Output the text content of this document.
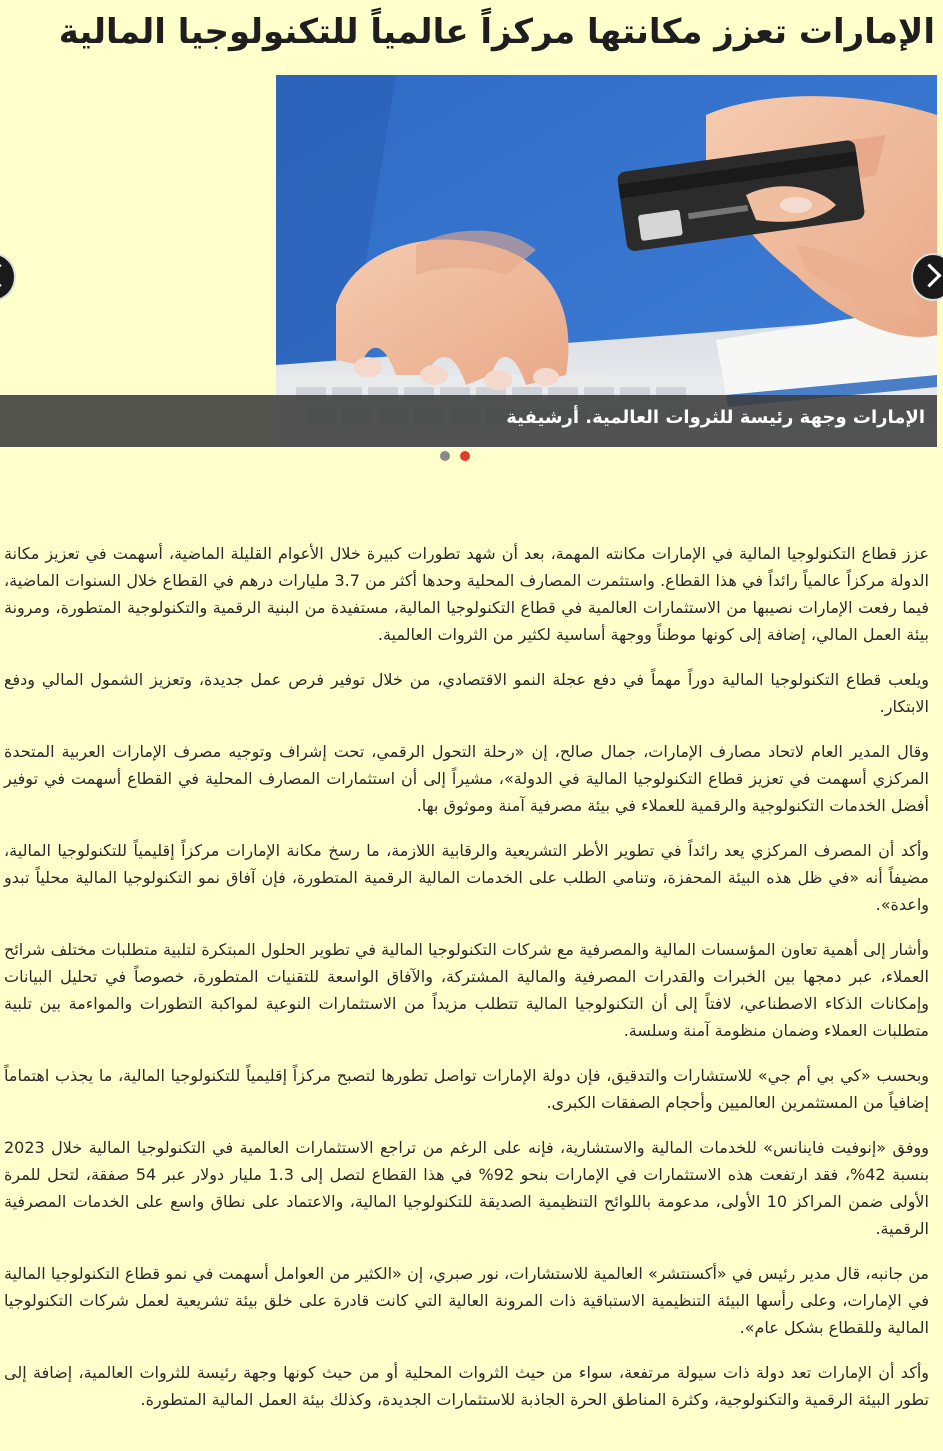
الإمارات تعزز مكانتها مركزاً عالمياً للتكنولوجيا المالية
الإمارات وجهة رئيسة للثروات العالمية. أرشيفية

عزز قطاع التكنولوجيا المالية في الإمارات مكانته المهمة، بعد أن شهد تطورات كبيرة خلال الأعوام القليلة الماضية، أسهمت في تعزيز مكانة الدولة مركزاً عالمياً رائداً في هذا القطاع. واستثمرت المصارف المحلية وحدها أكثر من 3.7 مليارات درهم في القطاع خلال السنوات الماضية، فيما رفعت الإمارات نصيبها من الاستثمارات العالمية في قطاع التكنولوجيا المالية، مستفيدة من البنية الرقمية والتكنولوجية المتطورة، ومرونة بيئة العمل المالي، إضافة إلى كونها موطناً ووجهة أساسية لكثير من الثروات العالمية.

ويلعب قطاع التكنولوجيا المالية دوراً مهماً في دفع عجلة النمو الاقتصادي، من خلال توفير فرص عمل جديدة، وتعزيز الشمول المالي ودفع الابتكار.

وقال المدير العام لاتحاد مصارف الإمارات، جمال صالح، إن «رحلة التحول الرقمي، تحت إشراف وتوجيه مصرف الإمارات العربية المتحدة المركزي أسهمت في تعزيز قطاع التكنولوجيا المالية في الدولة»، مشيراً إلى أن استثمارات المصارف المحلية في القطاع أسهمت في توفير أفضل الخدمات التكنولوجية والرقمية للعملاء في بيئة مصرفية آمنة وموثوق بها.

وأكد أن المصرف المركزي يعد رائداً في تطوير الأطر التشريعية والرقابية اللازمة، ما رسخ مكانة الإمارات مركزاً إقليمياً للتكنولوجيا المالية، مضيفاً أنه «في ظل هذه البيئة المحفزة، وتنامي الطلب على الخدمات المالية الرقمية المتطورة، فإن آفاق نمو التكنولوجيا المالية محلياً تبدو واعدة».

وأشار إلى أهمية تعاون المؤسسات المالية والمصرفية مع شركات التكنولوجيا المالية في تطوير الحلول المبتكرة لتلبية متطلبات مختلف شرائح العملاء، عبر دمجها بين الخبرات والقدرات المصرفية والمالية المشتركة، والآفاق الواسعة للتقنيات المتطورة، خصوصاً في تحليل البيانات وإمكانات الذكاء الاصطناعي، لافتاً إلى أن التكنولوجيا المالية تتطلب مزيداً من الاستثمارات النوعية لمواكبة التطورات والمواءمة بين تلبية متطلبات العملاء وضمان منظومة آمنة وسلسة.

وبحسب «كي بي أم جي» للاستشارات والتدقيق، فإن دولة الإمارات تواصل تطورها لتصبح مركزاً إقليمياً للتكنولوجيا المالية، ما يجذب اهتماماً إضافياً من المستثمرين العالميين وأحجام الصفقات الكبرى.

ووفق «إنوفيت فاينانس» للخدمات المالية والاستشارية، فإنه على الرغم من تراجع الاستثمارات العالمية في التكنولوجيا المالية خلال 2023 بنسبة 42%، فقد ارتفعت هذه الاستثمارات في الإمارات بنحو 92% في هذا القطاع لتصل إلى 1.3 مليار دولار عبر 54 صفقة، لتحل للمرة الأولى ضمن المراكز 10 الأولى، مدعومة باللوائح التنظيمية الصديقة للتكنولوجيا المالية، والاعتماد على نطاق واسع على الخدمات المصرفية الرقمية.

من جانبه، قال مدير رئيس في «أكسنتشر» العالمية للاستشارات، نور صبري، إن «الكثير من العوامل أسهمت في نمو قطاع التكنولوجيا المالية في الإمارات، وعلى رأسها البيئة التنظيمية الاستباقية ذات المرونة العالية التي كانت قادرة على خلق بيئة تشريعية لعمل شركات التكنولوجيا المالية وللقطاع بشكل عام».

وأكد أن الإمارات تعد دولة ذات سيولة مرتفعة، سواء من حيث الثروات المحلية أو من حيث كونها وجهة رئيسة للثروات العالمية، إضافة إلى تطور البيئة الرقمية والتكنولوجية، وكثرة المناطق الحرة الجاذبة للاستثمارات الجديدة، وكذلك بيئة العمل المالية المتطورة.
